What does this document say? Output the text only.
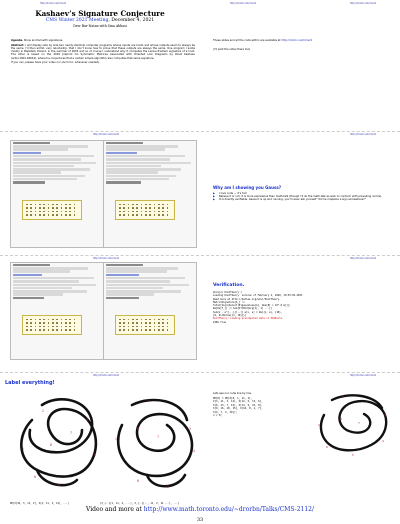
http://drorbn.net/cms21	http://drorbn.net/cms21	http://drorbn.net/cms21
Kashaev’s Signature Conjecture
CMS Winter 2021 Meeting, December 4, 2021
Dror Bar-Natan with Sina Abbasi
Agenda. Show and tell with signatures.
Abstract. I will display side by side two nearly-identical computer programs whose inputs are knots and whose outputs seem to always be the same. I’ll then admit, very reluctantly, that I don’t know how to prove that these outputs are always the same. One program I wrote mostly in Bielefeld, Poland, in the summer of 2003 and so of course I understand why it computes the Levine-Tristram signature of a knot. The other is based on the 2018 preprint On Symmetric Matrices Associated with Oriented Link Diagrams by Rinat Kashaev (arXiv:1801.04632), where he conjectures that a certain simple algorithm also computes that same signature.
If you can, please have your video on! (And mic, whenever needed).
These slides and all the code within are available at http://drorbn.net/cms21
(I’ll post the video there too)
http://drorbn.net/cms21	http://drorbn.net/cms21
Why am I showing you Gauss?
▶ I love code — it’s fun!
▶ Believe it or not, it is more expressive than math-talk (though I’ll do the math-talk as well, to conform with prevailing norms).
▶ It is directly verifiable. Gauss it is up and running, you’ll never ask yourself “did he misplace a sign somewhere?”
http://drorbn.net/cms21	http://drorbn.net/cms21
Verification.
Once[<< KnotTheory`]
Loading KnotTheory` version of February 2, 2020, 10:53:45.2947.
Read more at http://katlas.org/wiki/KnotTheory.
MatrixSignature[A_] :=
Total[Sign[Select[Eigenvalues[A], Abs[#] > 10^-6 &]]];
Ws[Ds[T_]] := Sum[If[Mod[Arg[z], 1] ...]]
Sum[x - e^{...}[[..]] w[x, s] = Ws[{x, s}, {10},
{9, AllKnots[{3, 10}]}]
KnotTheory: Loading precomputed data in PD4Knots.
2466 True
http://drorbn.net/cms21	http://drorbn.net/cms21
Label everything!
1
2
3
4
5
6
7
8
1
2
3
4
5
6
7
8
PD[X[10, 3, 11, 2], X[2, 11, 3, 12], ...]	[X_{..}[1, 11, 2, ...], X_{..}[.., 11, 2, 12 ...], ...]
Lets see our code line by line.
PD[K] = PD[X[8, 1, 11, 2],
X[3, 11, 3, 12], X[12, 5, 13, 6],
X[6, 13, 7, 14], X[14, 9, 15, 8],
X[9, 16, 10, 15], X[16, 8, 1, 7],
X[4, 7, 4, 10]];
n = 8;
1
2
3
4
5
6
7
8
Video and more at http://www.math.toronto.edu/~drorbn/Talks/CMS-2112/
33
